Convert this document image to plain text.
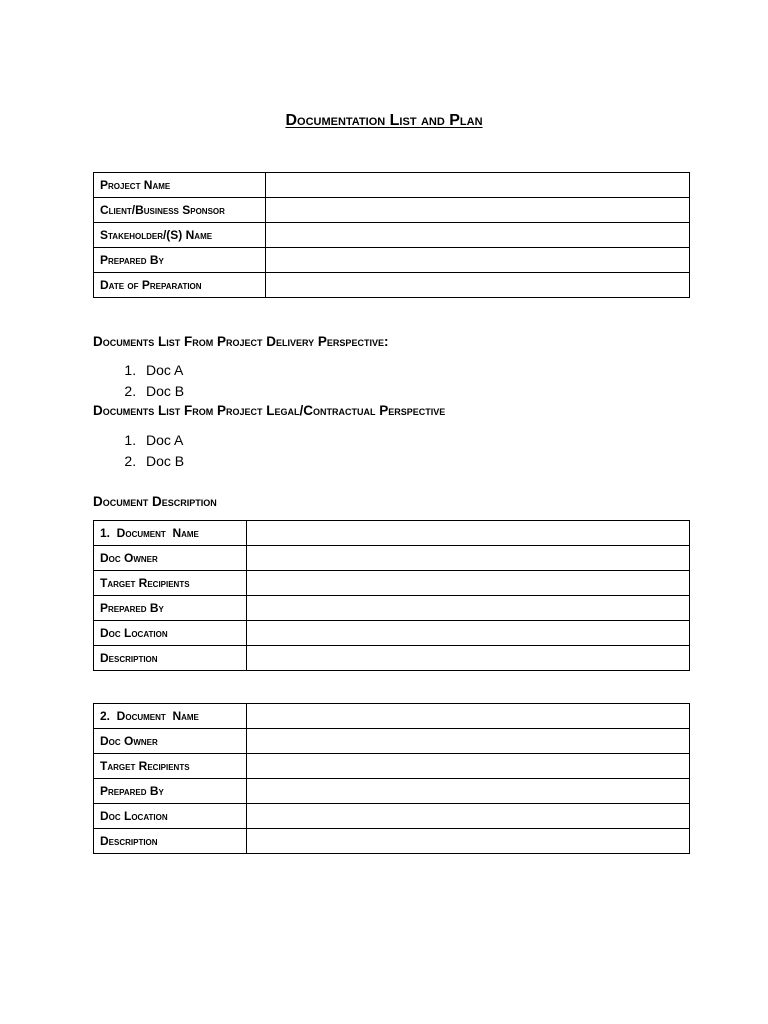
Documentation List and Plan
Project Name	
Client/Business Sponsor	
Stakeholder/(S) Name	
Prepared By	
Date of Preparation	
Documents List From Project Delivery Perspective:
1. Doc A
2. Doc B
Documents List From Project Legal/Contractual Perspective
1. Doc A
2. Doc B
Document Description
1.  Document  Name	
Doc Owner	
Target Recipients	
Prepared By	
Doc Location	
Description	
2.  Document  Name	
Doc Owner	
Target Recipients	
Prepared By	
Doc Location	
Description	
